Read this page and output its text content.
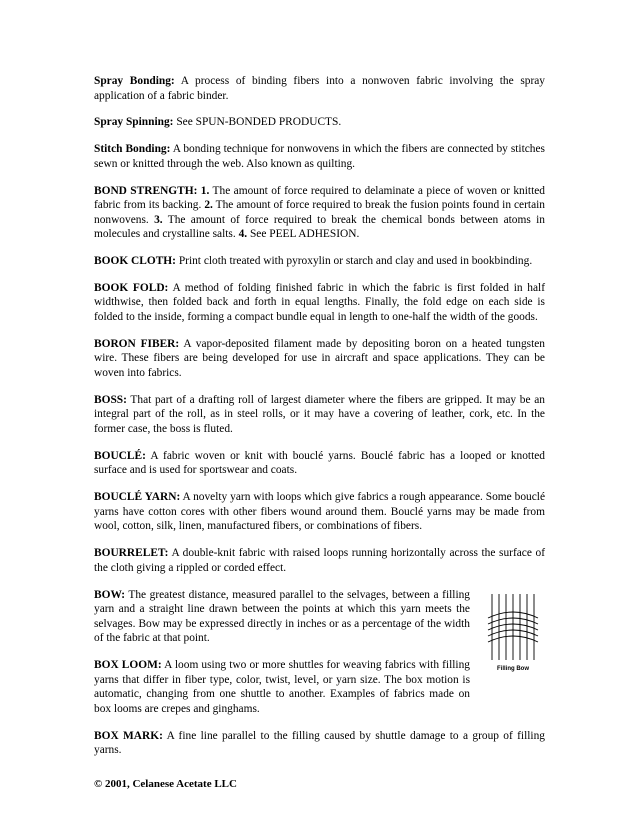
Spray Bonding: A process of binding fibers into a nonwoven fabric involving the spray application of a fabric binder.

Spray Spinning: See SPUN-BONDED PRODUCTS.

Stitch Bonding: A bonding technique for nonwovens in which the fibers are connected by stitches sewn or knitted through the web. Also known as quilting.

BOND STRENGTH: 1. The amount of force required to delaminate a piece of woven or knitted fabric from its backing. 2. The amount of force required to break the fusion points found in certain nonwovens. 3. The amount of force required to break the chemical bonds between atoms in molecules and crystalline salts. 4. See PEEL ADHESION.

BOOK CLOTH: Print cloth treated with pyroxylin or starch and clay and used in bookbinding.

BOOK FOLD: A method of folding finished fabric in which the fabric is first folded in half widthwise, then folded back and forth in equal lengths. Finally, the fold edge on each side is folded to the inside, forming a compact bundle equal in length to one-half the width of the goods.

BORON FIBER: A vapor-deposited filament made by depositing boron on a heated tungsten wire. These fibers are being developed for use in aircraft and space applications. They can be woven into fabrics.

BOSS: That part of a drafting roll of largest diameter where the fibers are gripped. It may be an integral part of the roll, as in steel rolls, or it may have a covering of leather, cork, etc. In the former case, the boss is fluted.

BOUCLÉ: A fabric woven or knit with bouclé yarns. Bouclé fabric has a looped or knotted surface and is used for sportswear and coats.

BOUCLÉ YARN: A novelty yarn with loops which give fabrics a rough appearance. Some bouclé yarns have cotton cores with other fibers wound around them. Bouclé yarns may be made from wool, cotton, silk, linen, manufactured fibers, or combinations of fibers.

BOURRELET: A double-knit fabric with raised loops running horizontally across the surface of the cloth giving a rippled or corded effect.

BOW: The greatest distance, measured parallel to the selvages, between a filling yarn and a straight line drawn between the points at which this yarn meets the selvages. Bow may be expressed directly in inches or as a percentage of the width of the fabric at that point.

BOX LOOM: A loom using two or more shuttles for weaving fabrics with filling yarns that differ in fiber type, color, twist, level, or yarn size. The box motion is automatic, changing from one shuttle to another. Examples of fabrics made on box looms are crepes and ginghams.

Filling Bow

BOX MARK: A fine line parallel to the filling caused by shuttle damage to a group of filling yarns.

© 2001, Celanese Acetate LLC
